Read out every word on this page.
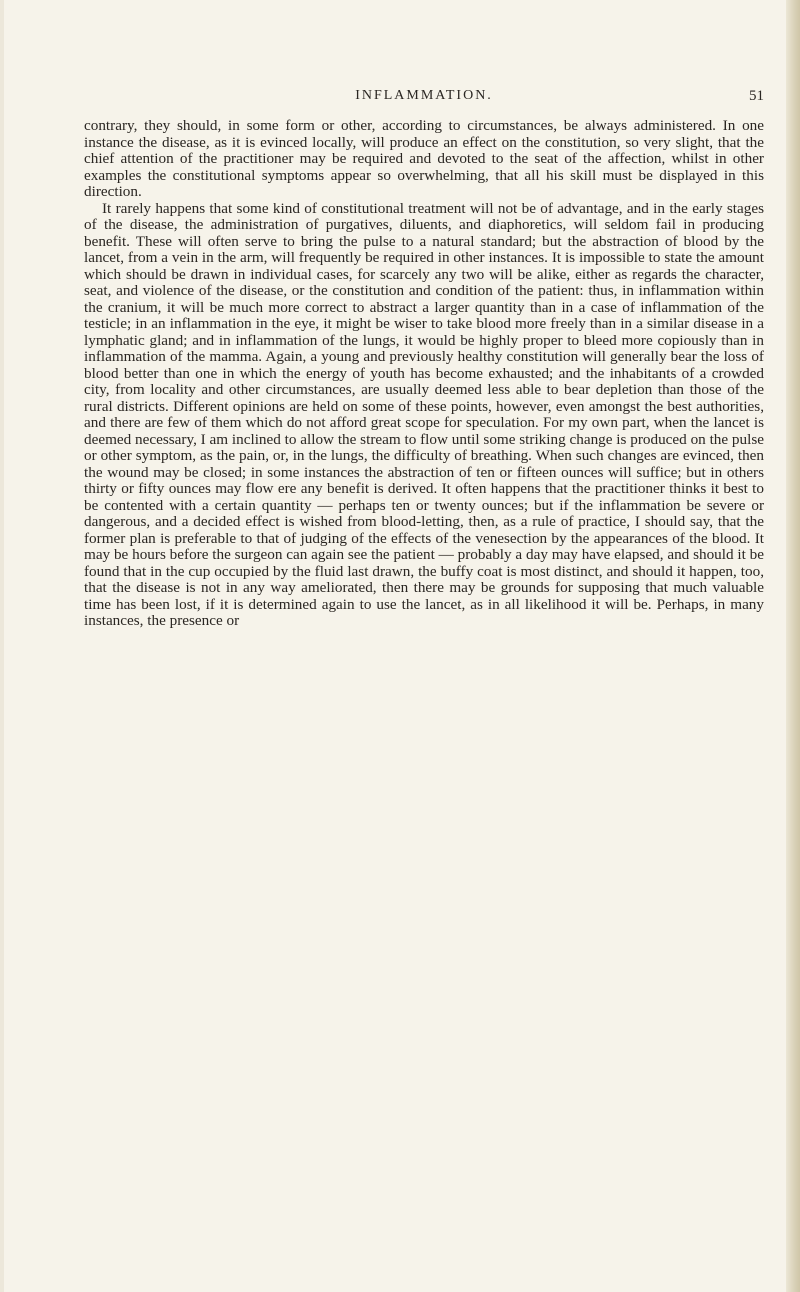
INFLAMMATION.	51

contrary, they should, in some form or other, according to circumstances, be always administered. In one instance the disease, as it is evinced locally, will produce an effect on the constitution, so very slight, that the chief attention of the practitioner may be required and devoted to the seat of the affection, whilst in other examples the constitutional symptoms appear so overwhelming, that all his skill must be displayed in this direction.

It rarely happens that some kind of constitutional treatment will not be of advantage, and in the early stages of the disease, the administration of purgatives, diluents, and diaphoretics, will seldom fail in producing benefit. These will often serve to bring the pulse to a natural standard; but the abstraction of blood by the lancet, from a vein in the arm, will frequently be required in other instances. It is impossible to state the amount which should be drawn in individual cases, for scarcely any two will be alike, either as regards the character, seat, and violence of the disease, or the constitution and condition of the patient: thus, in inflammation within the cranium, it will be much more correct to abstract a larger quantity than in a case of inflammation of the testicle; in an inflammation in the eye, it might be wiser to take blood more freely than in a similar disease in a lymphatic gland; and in inflammation of the lungs, it would be highly proper to bleed more copiously than in inflammation of the mamma. Again, a young and previously healthy constitution will generally bear the loss of blood better than one in which the energy of youth has become exhausted; and the inhabitants of a crowded city, from locality and other circumstances, are usually deemed less able to bear depletion than those of the rural districts. Different opinions are held on some of these points, however, even amongst the best authorities, and there are few of them which do not afford great scope for speculation. For my own part, when the lancet is deemed necessary, I am inclined to allow the stream to flow until some striking change is produced on the pulse or other symptom, as the pain, or, in the lungs, the difficulty of breathing. When such changes are evinced, then the wound may be closed; in some instances the abstraction of ten or fifteen ounces will suffice; but in others thirty or fifty ounces may flow ere any benefit is derived. It often happens that the practitioner thinks it best to be contented with a certain quantity — perhaps ten or twenty ounces; but if the inflammation be severe or dangerous, and a decided effect is wished from blood-letting, then, as a rule of practice, I should say, that the former plan is preferable to that of judging of the effects of the venesection by the appearances of the blood. It may be hours before the surgeon can again see the patient — probably a day may have elapsed, and should it be found that in the cup occupied by the fluid last drawn, the buffy coat is most distinct, and should it happen, too, that the disease is not in any way ameliorated, then there may be grounds for supposing that much valuable time has been lost, if it is determined again to use the lancet, as in all likelihood it will be. Perhaps, in many instances, the presence or
